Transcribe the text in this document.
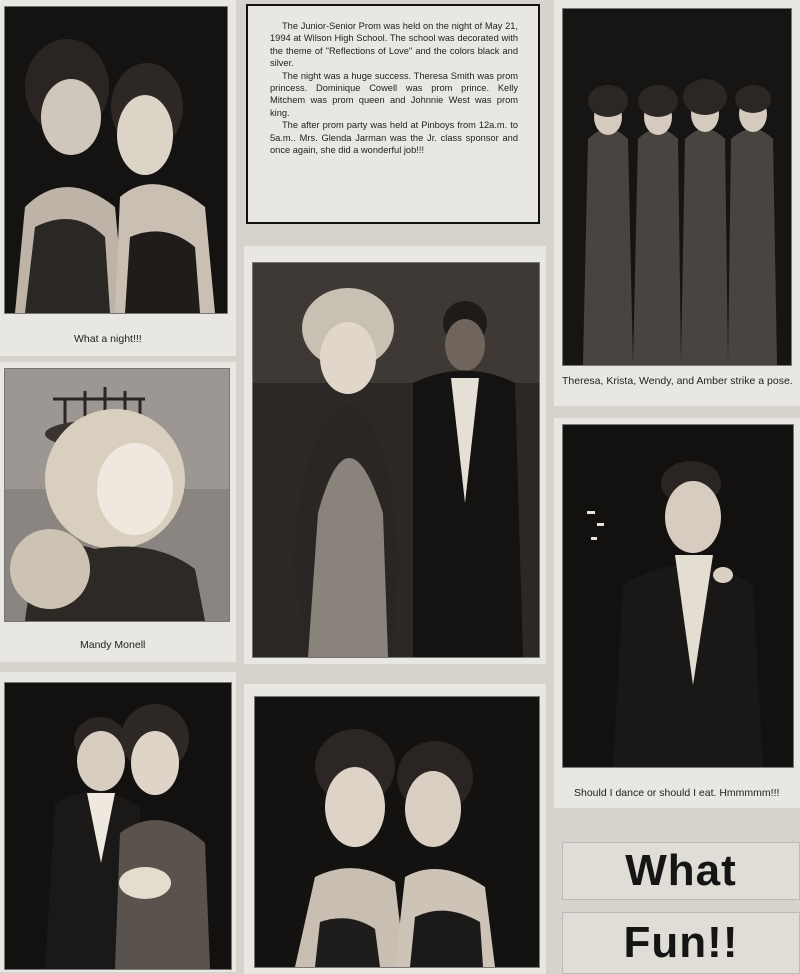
What a night!!!
Mandy Monell

The Junior-Senior Prom was held on the night of May 21, 1994 at Wilson High School. The school was decorated with the theme of "Reflections of Love" and the colors black and silver.

The night was a huge success. Theresa Smith was prom princess. Dominique Cowell was prom prince. Kelly Mitchem was prom queen and Johnnie West was prom king.

The after prom party was held at Pinboys from 12a.m. to 5a.m.. Mrs. Glenda Jarman was the Jr. class sponsor and once again, she did a wonderful job!!!

Theresa, Krista, Wendy, and Amber strike a pose.
Should I dance or should I eat. Hmmmmm!!!
What
Fun!!
